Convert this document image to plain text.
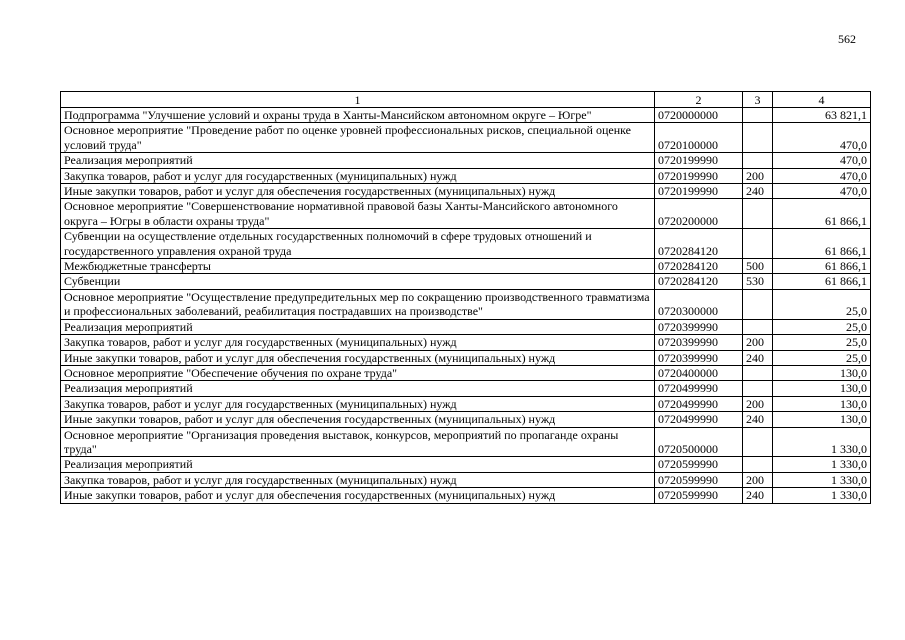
562
1	2	3	4
Подпрограмма "Улучшение условий и охраны труда в Ханты-Мансийском автономном округе – Югре"	0720000000		63 821,1
Основное мероприятие "Проведение работ по оценке уровней профессиональных рисков, специальной оценке условий труда"	0720100000		470,0
Реализация мероприятий	0720199990		470,0
Закупка товаров, работ и услуг для государственных (муниципальных) нужд	0720199990	200	470,0
Иные закупки товаров, работ и услуг для обеспечения государственных (муниципальных) нужд	0720199990	240	470,0
Основное мероприятие "Совершенствование нормативной правовой базы Ханты-Мансийского автономного округа – Югры в области охраны труда"	0720200000		61 866,1
Субвенции на осуществление отдельных государственных полномочий в сфере трудовых отношений и государственного управления охраной труда	0720284120		61 866,1
Межбюджетные трансферты	0720284120	500	61 866,1
Субвенции	0720284120	530	61 866,1
Основное мероприятие "Осуществление предупредительных мер по сокращению производственного травматизма и профессиональных заболеваний, реабилитация пострадавших на производстве"	0720300000		25,0
Реализация мероприятий	0720399990		25,0
Закупка товаров, работ и услуг для государственных (муниципальных) нужд	0720399990	200	25,0
Иные закупки товаров, работ и услуг для обеспечения государственных (муниципальных) нужд	0720399990	240	25,0
Основное мероприятие "Обеспечение обучения по охране труда"	0720400000		130,0
Реализация мероприятий	0720499990		130,0
Закупка товаров, работ и услуг для государственных (муниципальных) нужд	0720499990	200	130,0
Иные закупки товаров, работ и услуг для обеспечения государственных (муниципальных) нужд	0720499990	240	130,0
Основное мероприятие "Организация проведения выставок, конкурсов, мероприятий по пропаганде охраны труда"	0720500000		1 330,0
Реализация мероприятий	0720599990		1 330,0
Закупка товаров, работ и услуг для государственных (муниципальных) нужд	0720599990	200	1 330,0
Иные закупки товаров, работ и услуг для обеспечения государственных (муниципальных) нужд	0720599990	240	1 330,0
